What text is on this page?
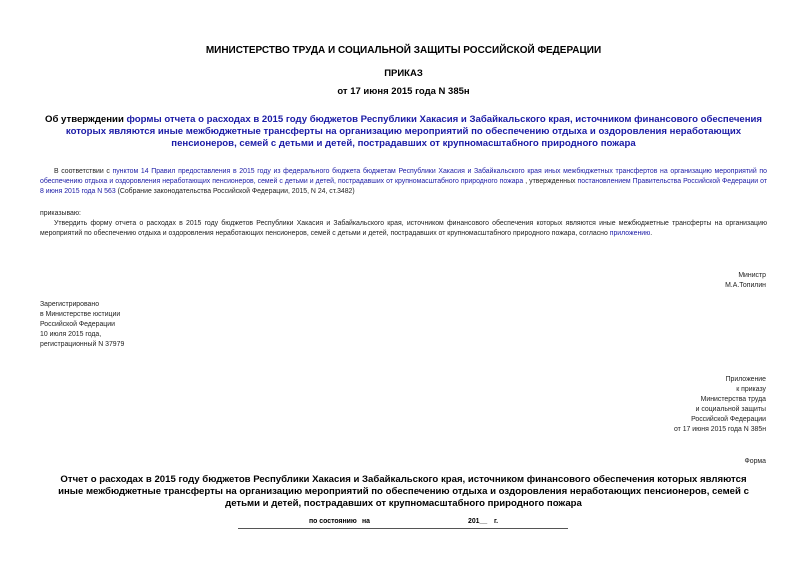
МИНИСТЕРСТВО ТРУДА И СОЦИАЛЬНОЙ ЗАЩИТЫ РОССИЙСКОЙ ФЕДЕРАЦИИ
ПРИКАЗ
от 17 июня 2015 года N 385н
Об утверждении формы отчета о расходах в 2015 году бюджетов Республики Хакасия и Забайкальского края, источником финансового обеспечения которых являются иные межбюджетные трансферты на организацию мероприятий по обеспечению отдыха и оздоровления неработающих пенсионеров, семей с детьми и детей, пострадавших от крупномасштабного природного пожара
В соответствии с пунктом 14 Правил предоставления в 2015 году из федерального бюджета бюджетам Республики Хакасия и Забайкальского края иных межбюджетных трансфертов на организацию мероприятий по обеспечению отдыха и оздоровления неработающих пенсионеров, семей с детьми и детей, пострадавших от крупномасштабного природного пожара , утвержденных постановлением Правительства Российской Федерации от 8 июня 2015 года N 563 (Собрание законодательства Российской Федерации, 2015, N 24, ст.3482)
приказываю:
Утвердить форму отчета о расходах в 2015 году бюджетов Республики Хакасия и Забайкальского края, источником финансового обеспечения которых являются иные межбюджетные трансферты на организацию мероприятий по обеспечению отдыха и оздоровления неработающих пенсионеров, семей с детьми и детей, пострадавших от крупномасштабного природного пожара, согласно приложению.
Министр
М.А.Топилин
Зарегистрировано
в Министерстве юстиции
Российской Федерации
10 июля 2015 года,
регистрационный N 37979
Приложение
к приказу
Министерства труда
и социальной защиты
Российской Федерации
от 17 июня 2015 года N 385н
Форма
Отчет о расходах в 2015 году бюджетов Республики Хакасия и Забайкальского края, источником финансового обеспечения которых являются иные межбюджетные трансферты на организацию мероприятий по обеспечению отдыха и оздоровления неработающих пенсионеров, семей с детьми и детей, пострадавших от крупномасштабного природного пожара
по состоянию на	201__ г.
